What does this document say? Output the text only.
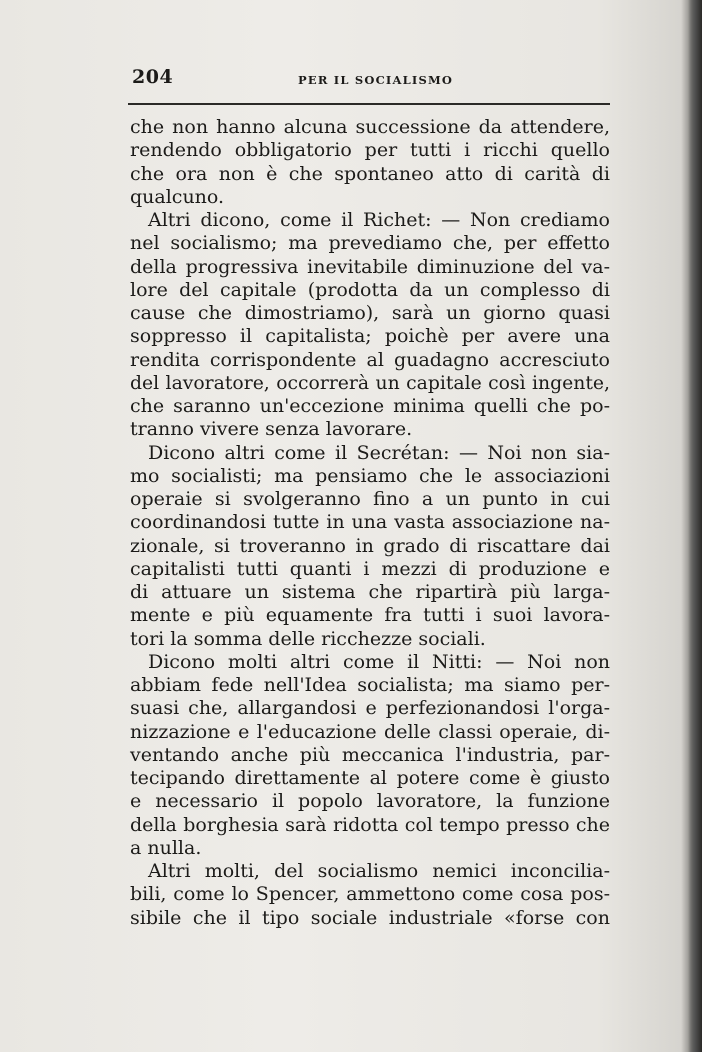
204	PER IL SOCIALISMO
che non hanno alcuna successione da attendere,
rendendo obbligatorio per tutti i ricchi quello
che ora non è che spontaneo atto di carità di
qualcuno.
Altri dicono, come il Richet: — Non crediamo
nel socialismo; ma prevediamo che, per effetto
della progressiva inevitabile diminuzione del va-
lore del capitale (prodotta da un complesso di
cause che dimostriamo), sarà un giorno quasi
soppresso il capitalista; poichè per avere una
rendita corrispondente al guadagno accresciuto
del lavoratore, occorrerà un capitale così ingente,
che saranno un'eccezione minima quelli che po-
tranno vivere senza lavorare.
Dicono altri come il Secrétan: — Noi non sia-
mo socialisti; ma pensiamo che le associazioni
operaie si svolgeranno fino a un punto in cui
coordinandosi tutte in una vasta associazione na-
zionale, si troveranno in grado di riscattare dai
capitalisti tutti quanti i mezzi di produzione e
di attuare un sistema che ripartirà più larga-
mente e più equamente fra tutti i suoi lavora-
tori la somma delle ricchezze sociali.
Dicono molti altri come il Nitti: — Noi non
abbiam fede nell'Idea socialista; ma siamo per-
suasi che, allargandosi e perfezionandosi l'orga-
nizzazione e l'educazione delle classi operaie, di-
ventando anche più meccanica l'industria, par-
tecipando direttamente al potere come è giusto
e necessario il popolo lavoratore, la funzione
della borghesia sarà ridotta col tempo presso che
a nulla.
Altri molti, del socialismo nemici inconcilia-
bili, come lo Spencer, ammettono come cosa pos-
sibile che il tipo sociale industriale «forse con
